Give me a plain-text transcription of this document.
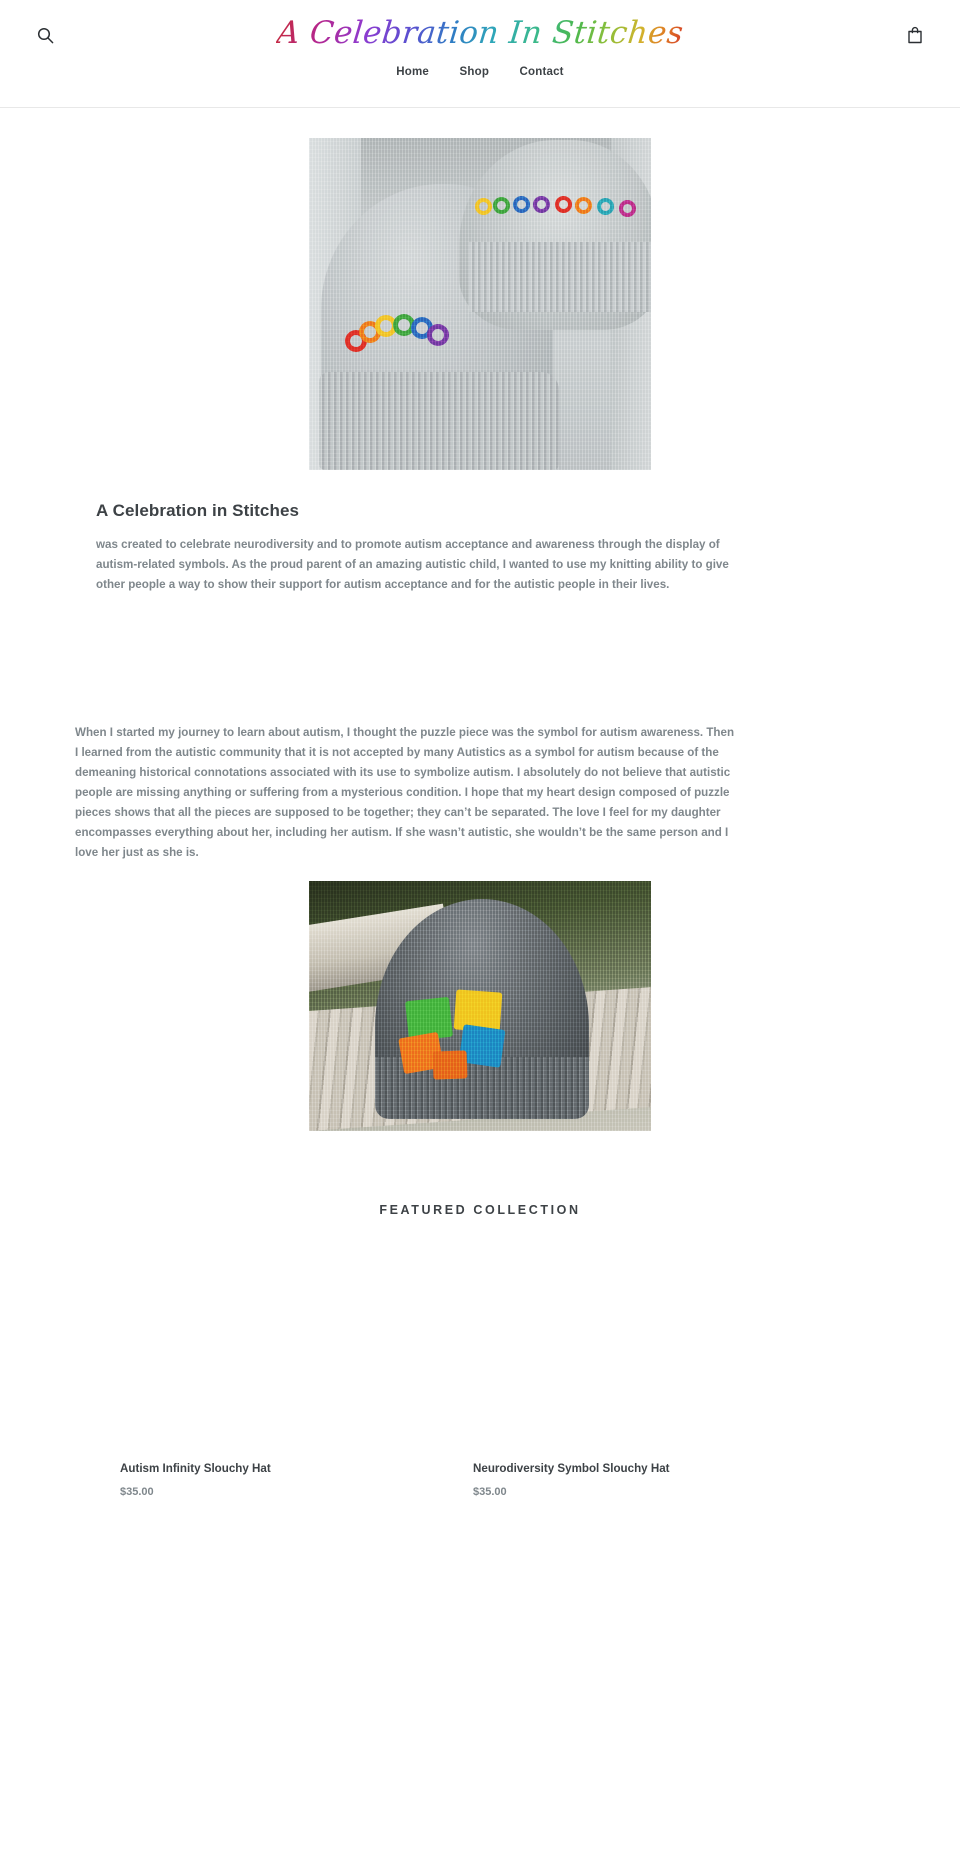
A Celebration In Stitches
Home	Shop	Contact
A Celebration in Stitches

was created to celebrate neurodiversity and to promote autism acceptance and awareness through the display of autism-related symbols. As the proud parent of an amazing autistic child, I wanted to use my knitting ability to give other people a way to show their support for autism acceptance and for the autistic people in their lives.

When I started my journey to learn about autism, I thought the puzzle piece was the symbol for autism awareness. Then I learned from the autistic community that it is not accepted by many Autistics as a symbol for autism because of the demeaning historical connotations associated with its use to symbolize autism. I absolutely do not believe that autistic people are missing anything or suffering from a mysterious condition. I hope that my heart design composed of puzzle pieces shows that all the pieces are supposed to be together; they can’t be separated. The love I feel for my daughter encompasses everything about her, including her autism. If she wasn’t autistic, she wouldn’t be the same person and I love her just as she is.

FEATURED COLLECTION
Autism Infinity Slouchy Hat
$35.00
Neurodiversity Symbol Slouchy Hat
$35.00
